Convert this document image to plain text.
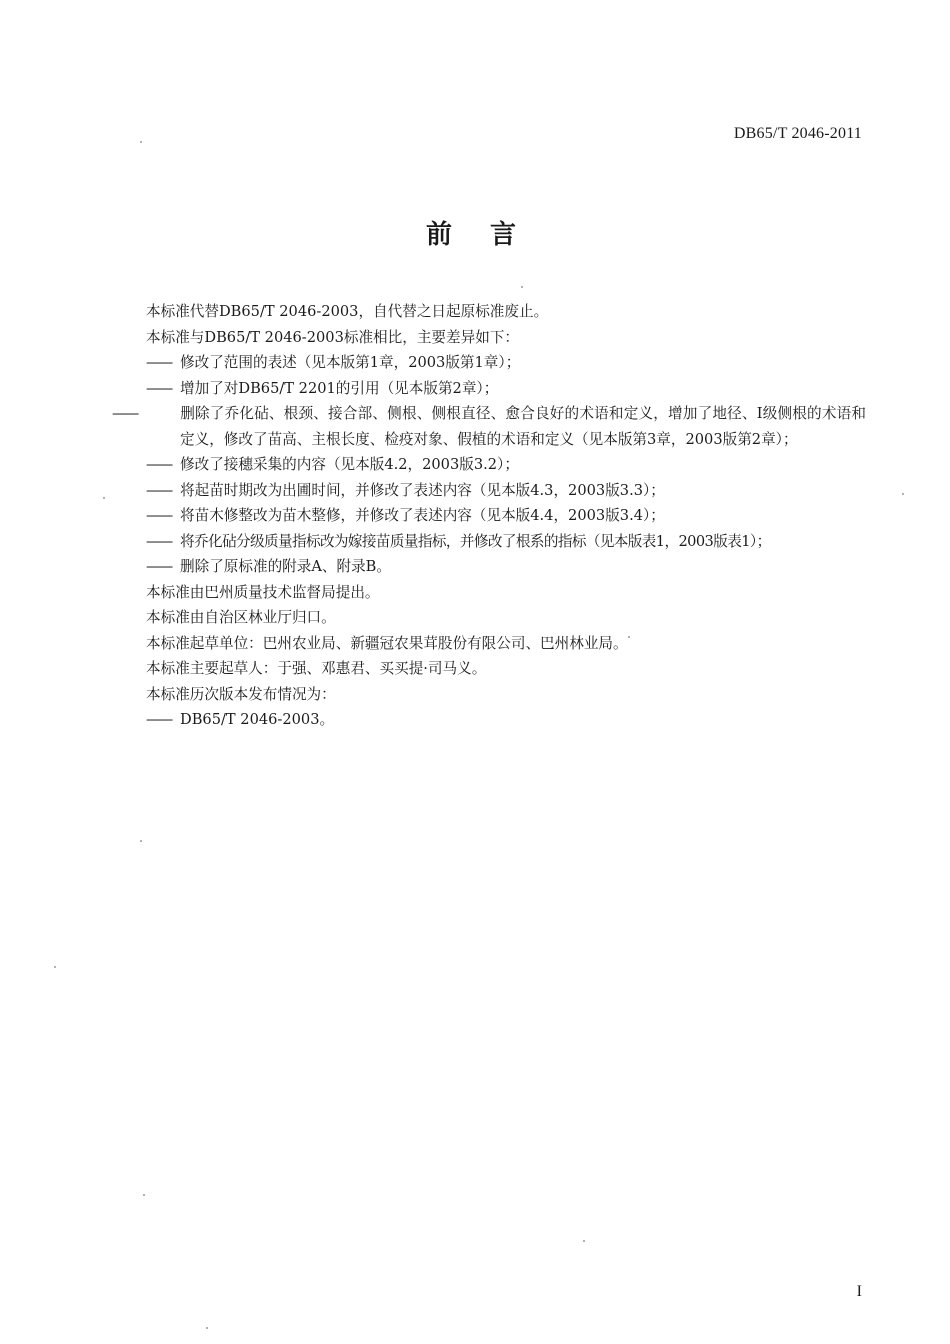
DB65/T 2046-2011
前言

本标准代替DB65/T 2046-2003，自代替之日起原标准废止。

本标准与DB65/T 2046-2003标准相比，主要差异如下：

—— 修改了范围的表述（见本版第1章，2003版第1章）；

—— 增加了对DB65/T 2201的引用（见本版第2章）；

——	删除了乔化砧、根颈、接合部、侧根、侧根直径、愈合良好的术语和定义，增加了地径、Ⅰ级侧根的术语和定义，修改了苗高、主根长度、检疫对象、假植的术语和定义（见本版第3章，2003版第2章）；

—— 修改了接穗采集的内容（见本版4.2，2003版3.2）；

—— 将起苗时期改为出圃时间，并修改了表述内容（见本版4.3，2003版3.3）；

—— 将苗木修整改为苗木整修，并修改了表述内容（见本版4.4，2003版3.4）；

—— 将乔化砧分级质量指标改为嫁接苗质量指标，并修改了根系的指标（见本版表1，2003版表1）；

—— 删除了原标准的附录A、附录B。

本标准由巴州质量技术监督局提出。

本标准由自治区林业厅归口。

本标准起草单位：巴州农业局、新疆冠农果茸股份有限公司、巴州林业局。

本标准主要起草人：于强、邓惠君、买买提·司马义。

本标准历次版本发布情况为：

—— DB65/T 2046-2003。

I
